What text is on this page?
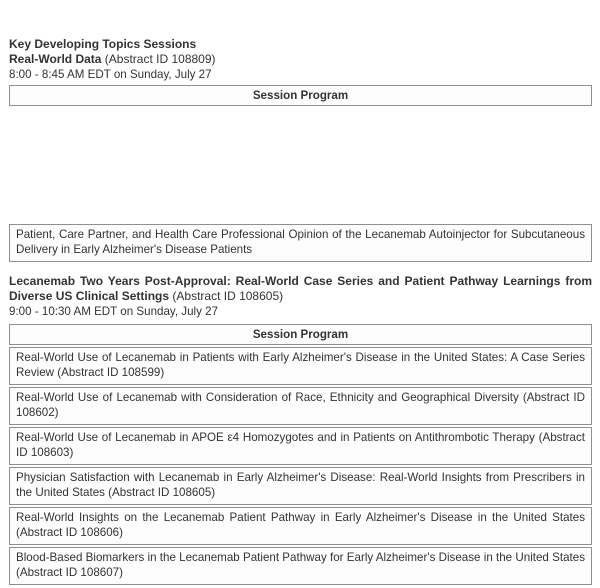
Key Developing Topics Sessions
Real-World Data (Abstract ID 108809)
8:00 - 8:45 AM EDT on Sunday, July 27
Session Program
Patient, Care Partner, and Health Care Professional Opinion of the Lecanemab Autoinjector for Subcutaneous Delivery in Early Alzheimer's Disease Patients
Lecanemab Two Years Post-Approval: Real-World Case Series and Patient Pathway Learnings from Diverse US Clinical Settings (Abstract ID 108605)
9:00 - 10:30 AM EDT on Sunday, July 27
Session Program
Real-World Use of Lecanemab in Patients with Early Alzheimer's Disease in the United States: A Case Series Review (Abstract ID 108599)
Real-World Use of Lecanemab with Consideration of Race, Ethnicity and Geographical Diversity (Abstract ID 108602)
Real-World Use of Lecanemab in APOE ε4 Homozygotes and in Patients on Antithrombotic Therapy (Abstract ID 108603)
Physician Satisfaction with Lecanemab in Early Alzheimer's Disease: Real-World Insights from Prescribers in the United States (Abstract ID 108605)
Real-World Insights on the Lecanemab Patient Pathway in Early Alzheimer's Disease in the United States (Abstract ID 108606)
Blood-Based Biomarkers in the Lecanemab Patient Pathway for Early Alzheimer's Disease in the United States (Abstract ID 108607)
